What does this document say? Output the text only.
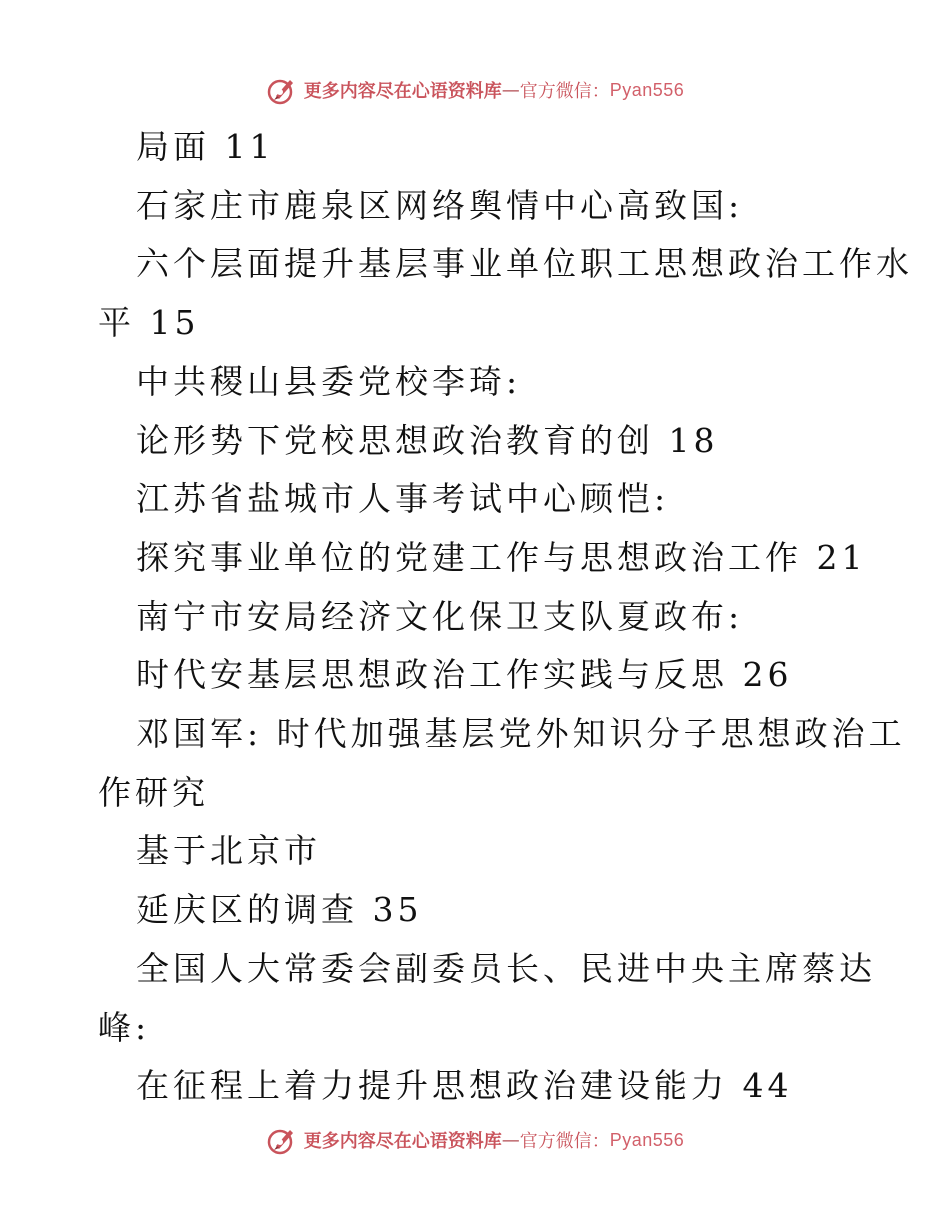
更多内容尽在心语资料库 — 官方微信： Pyan556
局面 11
石家庄市鹿泉区网络舆情中心高致国:
六个层面提升基层事业单位职工思想政治工作水
平 15
中共稷山县委党校李琦:
论形势下党校思想政治教育的创 18
江苏省盐城市人事考试中心顾恺:
探究事业单位的党建工作与思想政治工作 21
南宁市安局经济文化保卫支队夏政布:
时代安基层思想政治工作实践与反思 26
邓国军: 时代加强基层党外知识分子思想政治工
作研究
基于北京市
延庆区的调查 35
全国人大常委会副委员长、民进中央主席蔡达
峰:
在征程上着力提升思想政治建设能力 44
更多内容尽在心语资料库 — 官方微信： Pyan556
